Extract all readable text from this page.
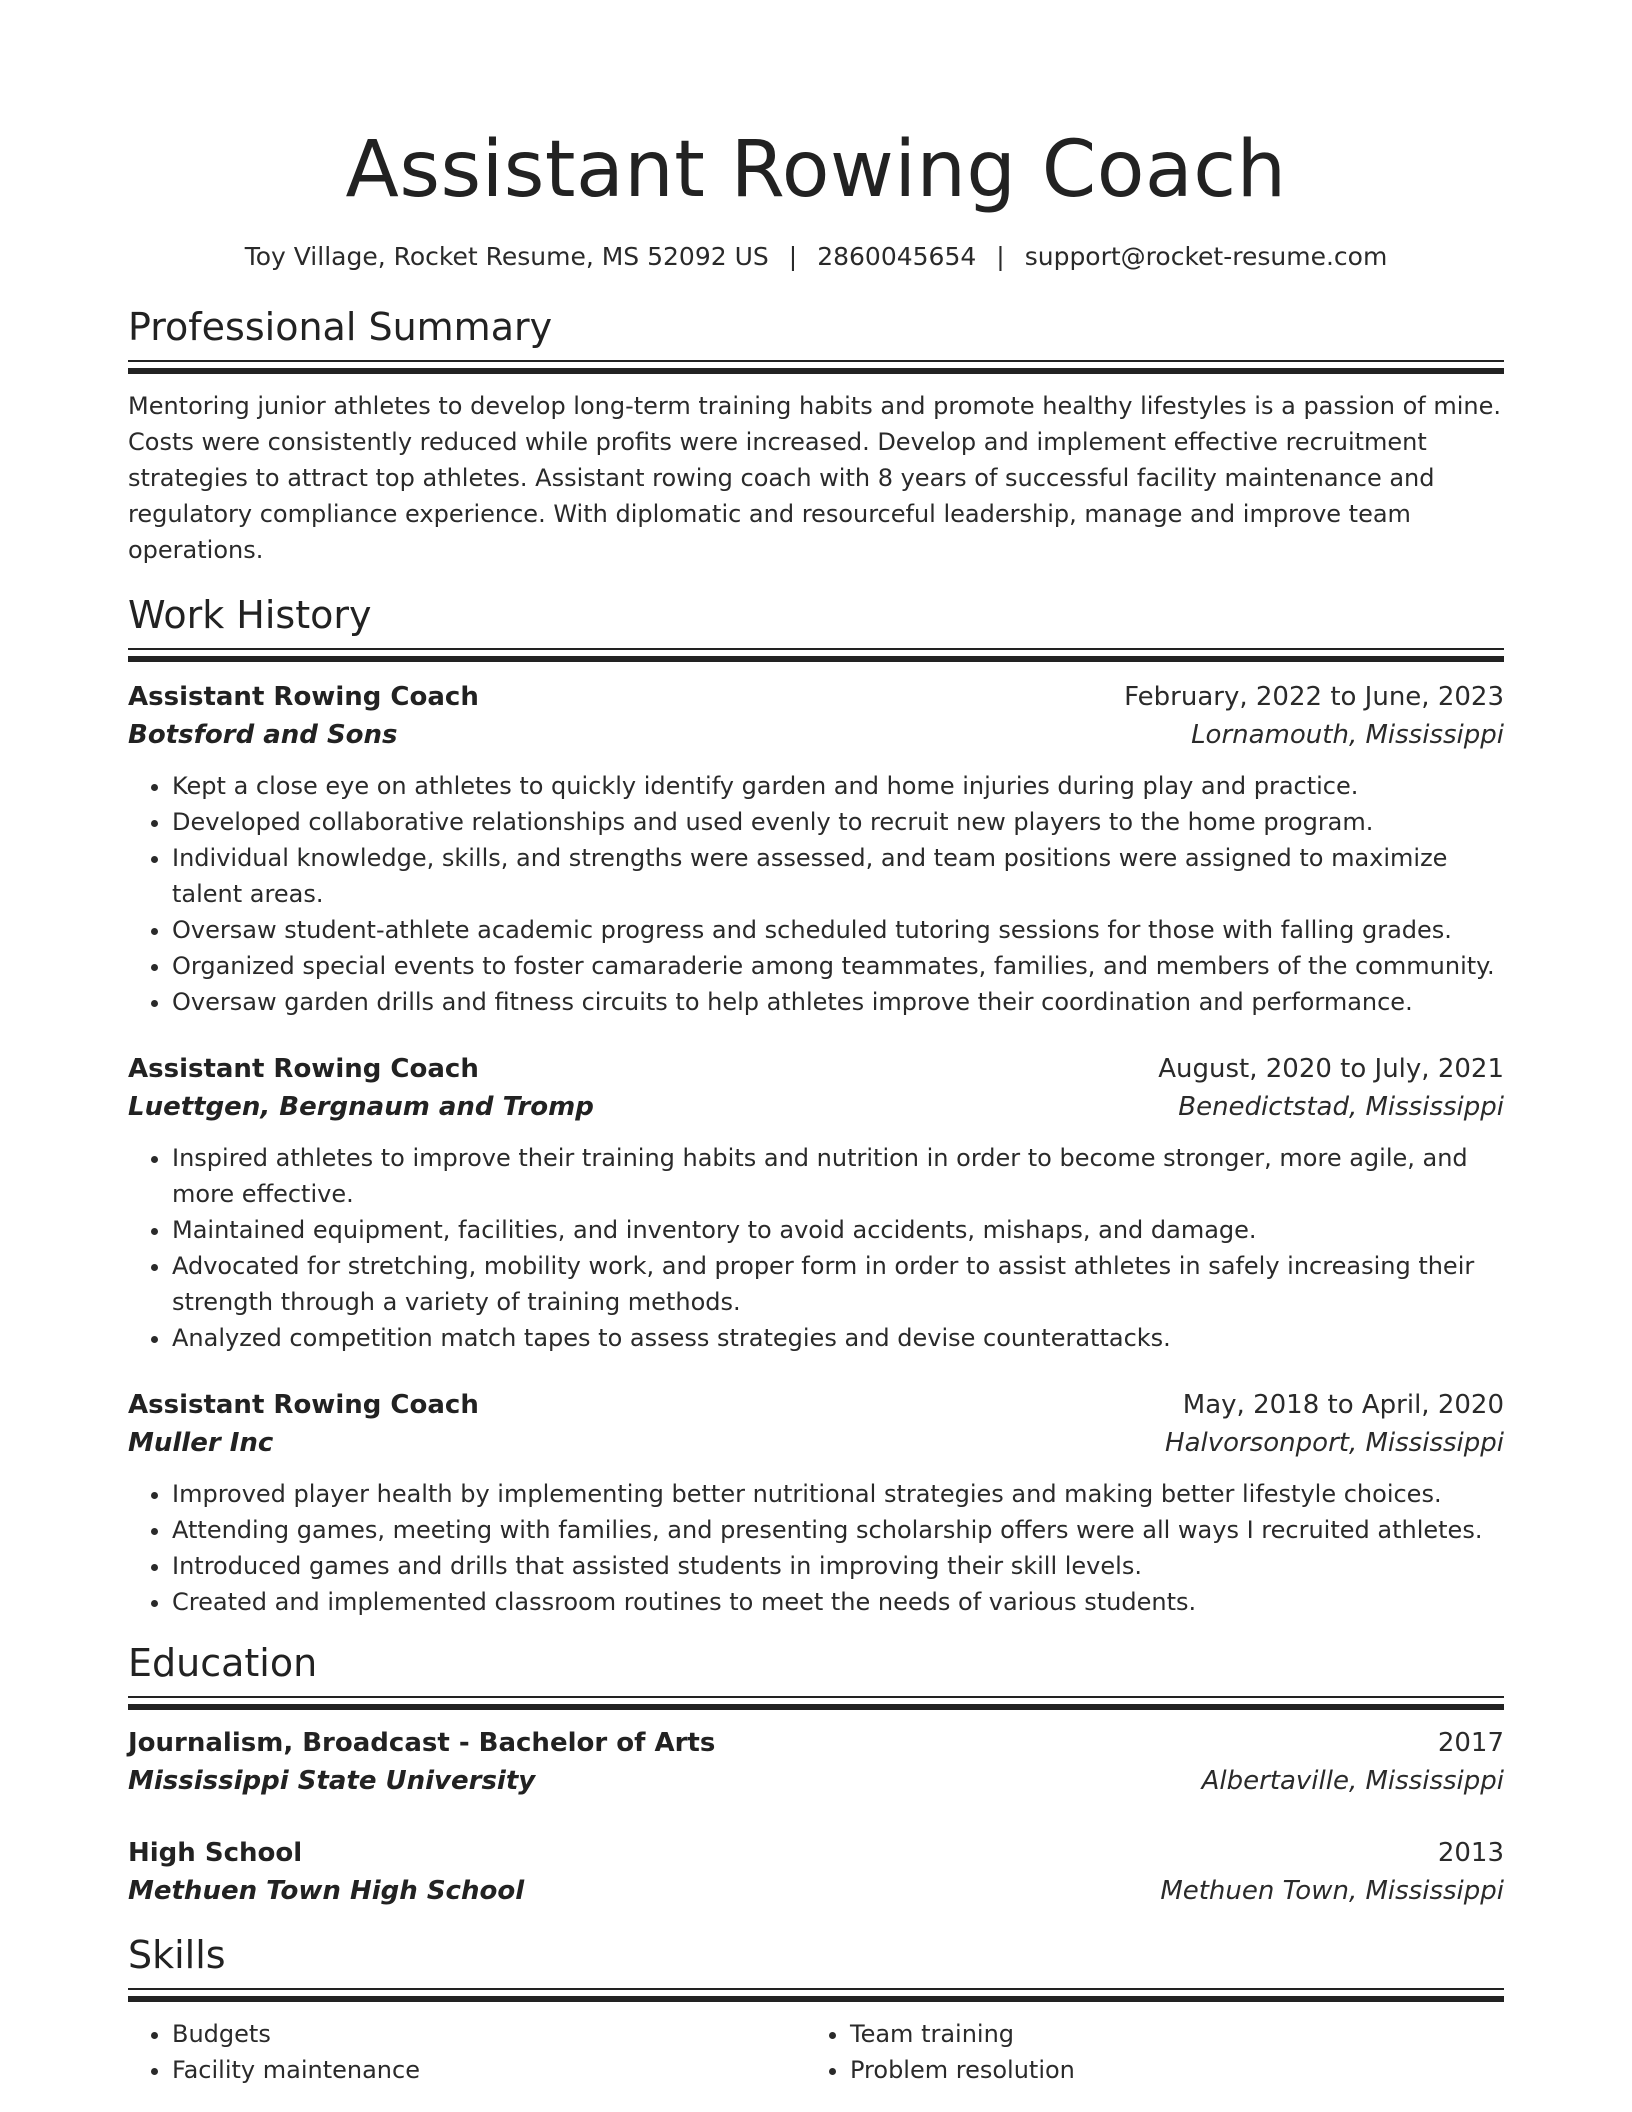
Assistant Rowing Coach
Toy Village, Rocket Resume, MS 52092 US | 2860045654 | support@rocket-resume.com
Professional Summary

Mentoring junior athletes to develop long-term training habits and promote healthy lifestyles is a passion of mine. Costs were consistently reduced while profits were increased. Develop and implement effective recruitment strategies to attract top athletes. Assistant rowing coach with 8 years of successful facility maintenance and regulatory compliance experience. With diplomatic and resourceful leadership, manage and improve team operations.

Work History
Assistant Rowing Coach	February, 2022 to June, 2023
Botsford and Sons	Lornamouth, Mississippi
• Kept a close eye on athletes to quickly identify garden and home injuries during play and practice.
• Developed collaborative relationships and used evenly to recruit new players to the home program.
• Individual knowledge, skills, and strengths were assessed, and team positions were assigned to maximize talent areas.
• Oversaw student-athlete academic progress and scheduled tutoring sessions for those with falling grades.
• Organized special events to foster camaraderie among teammates, families, and members of the community.
• Oversaw garden drills and fitness circuits to help athletes improve their coordination and performance.
Assistant Rowing Coach	August, 2020 to July, 2021
Luettgen, Bergnaum and Tromp	Benedictstad, Mississippi
• Inspired athletes to improve their training habits and nutrition in order to become stronger, more agile, and more effective.
• Maintained equipment, facilities, and inventory to avoid accidents, mishaps, and damage.
• Advocated for stretching, mobility work, and proper form in order to assist athletes in safely increasing their strength through a variety of training methods.
• Analyzed competition match tapes to assess strategies and devise counterattacks.
Assistant Rowing Coach	May, 2018 to April, 2020
Muller Inc	Halvorsonport, Mississippi
• Improved player health by implementing better nutritional strategies and making better lifestyle choices.
• Attending games, meeting with families, and presenting scholarship offers were all ways I recruited athletes.
• Introduced games and drills that assisted students in improving their skill levels.
• Created and implemented classroom routines to meet the needs of various students.
Education
Journalism, Broadcast - Bachelor of Arts	2017
Mississippi State University	Albertaville, Mississippi
High School	2013
Methuen Town High School	Methuen Town, Mississippi
Skills
• Budgets
• Facility maintenance
• Team training
• Problem resolution
